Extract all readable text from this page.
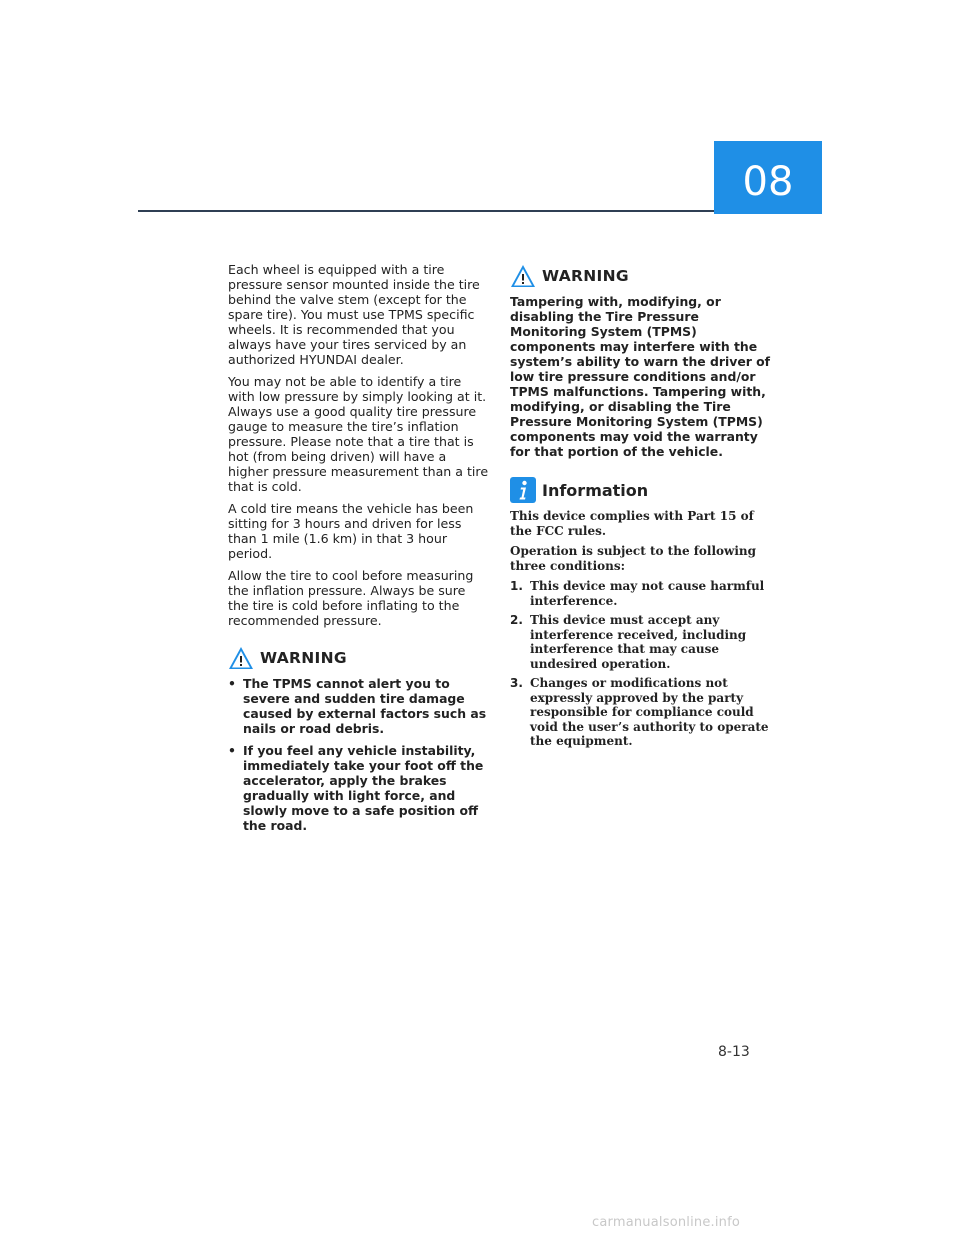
08

Each wheel is equipped with a tire pressure sensor mounted inside the tire behind the valve stem (except for the spare tire). You must use TPMS specific wheels. It is recommended that you always have your tires serviced by an authorized HYUNDAI dealer.

You may not be able to identify a tire with low pressure by simply looking at it. Always use a good quality tire pressure gauge to measure the tire’s inflation pressure. Please note that a tire that is hot (from being driven) will have a higher pressure measurement than a tire that is cold.

A cold tire means the vehicle has been sitting for 3 hours and driven for less than 1 mile (1.6 km) in that 3 hour period.

Allow the tire to cool before measuring the inflation pressure. Always be sure the tire is cold before inflating to the recommended pressure.

WARNING
• The TPMS cannot alert you to severe and sudden tire damage caused by external factors such as nails or road debris.
• If you feel any vehicle instability, immediately take your foot off the accelerator, apply the brakes gradually with light force, and slowly move to a safe position off the road.
WARNING

Tampering with, modifying, or disabling the Tire Pressure Monitoring System (TPMS) components may interfere with the system’s ability to warn the driver of low tire pressure conditions and/or TPMS malfunctions. Tampering with, modifying, or disabling the Tire Pressure Monitoring System (TPMS) components may void the warranty for that portion of the vehicle.

Information

This device complies with Part 15 of the FCC rules.

Operation is subject to the following three conditions:

1. This device may not cause harmful interference.
2. This device must accept any interference received, including interference that may cause undesired operation.
3. Changes or modifications not expressly approved by the party responsible for compliance could void the user’s authority to operate the equipment.
8-13
carmanualsonline.info
